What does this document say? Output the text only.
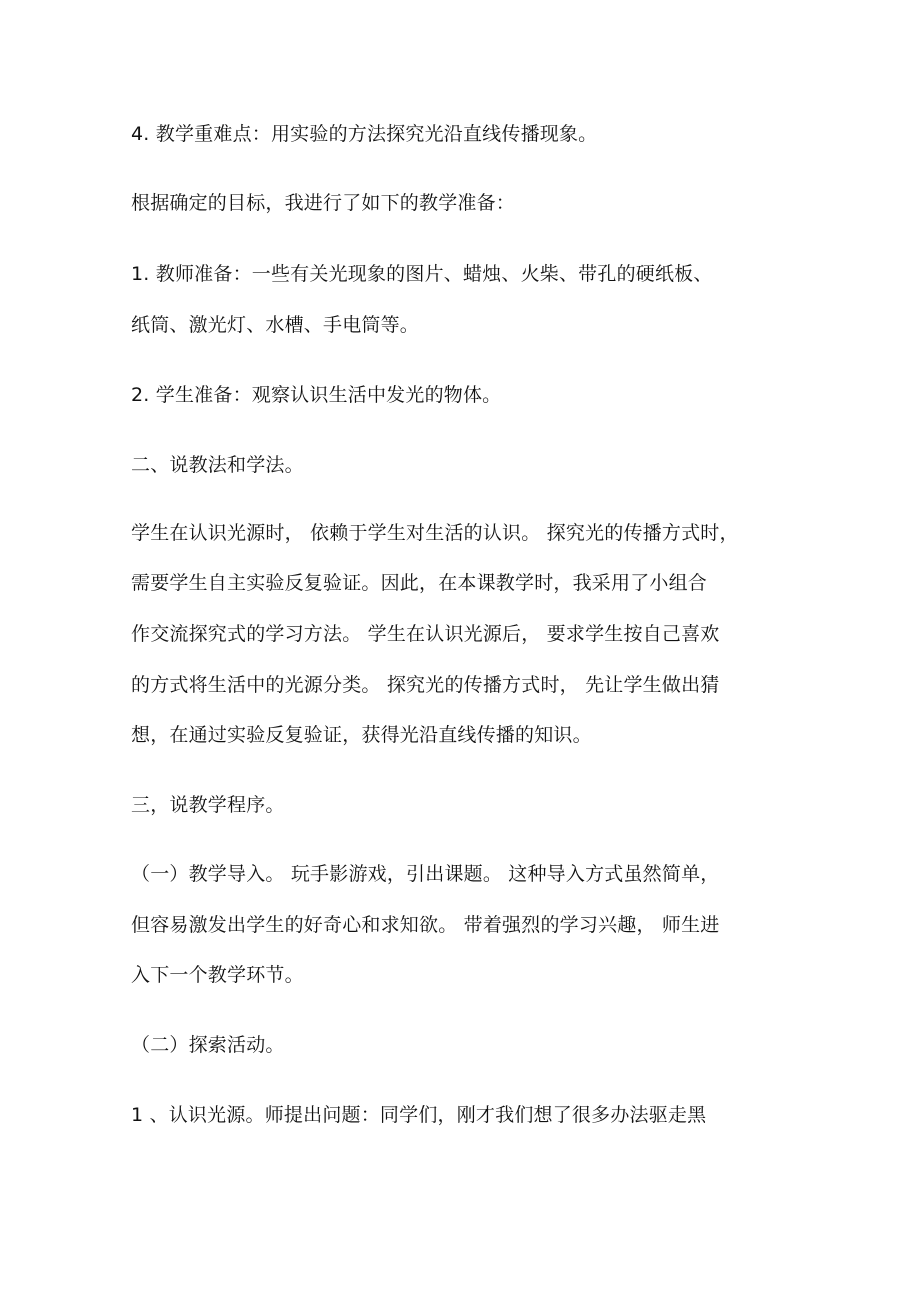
4. 教学重难点：用实验的方法探究光沿直线传播现象。
根据确定的目标，我进行了如下的教学准备：
1. 教师准备：一些有关光现象的图片、蜡烛、火柴、带孔的硬纸板、
纸筒、激光灯、水槽、手电筒等。
2. 学生准备：观察认识生活中发光的物体。
二、说教法和学法。
学生在认识光源时， 依赖于学生对生活的认识。 探究光的传播方式时，
需要学生自主实验反复验证。因此，在本课教学时，我采用了小组合
作交流探究式的学习方法。 学生在认识光源后， 要求学生按自己喜欢
的方式将生活中的光源分类。 探究光的传播方式时， 先让学生做出猜
想，在通过实验反复验证，获得光沿直线传播的知识。
三，说教学程序。
（一）教学导入。 玩手影游戏，引出课题。 这种导入方式虽然简单，
但容易激发出学生的好奇心和求知欲。 带着强烈的学习兴趣， 师生进
入下一个教学环节。
（二）探索活动。
1 、认识光源。师提出问题：同学们，刚才我们想了很多办法驱走黑
